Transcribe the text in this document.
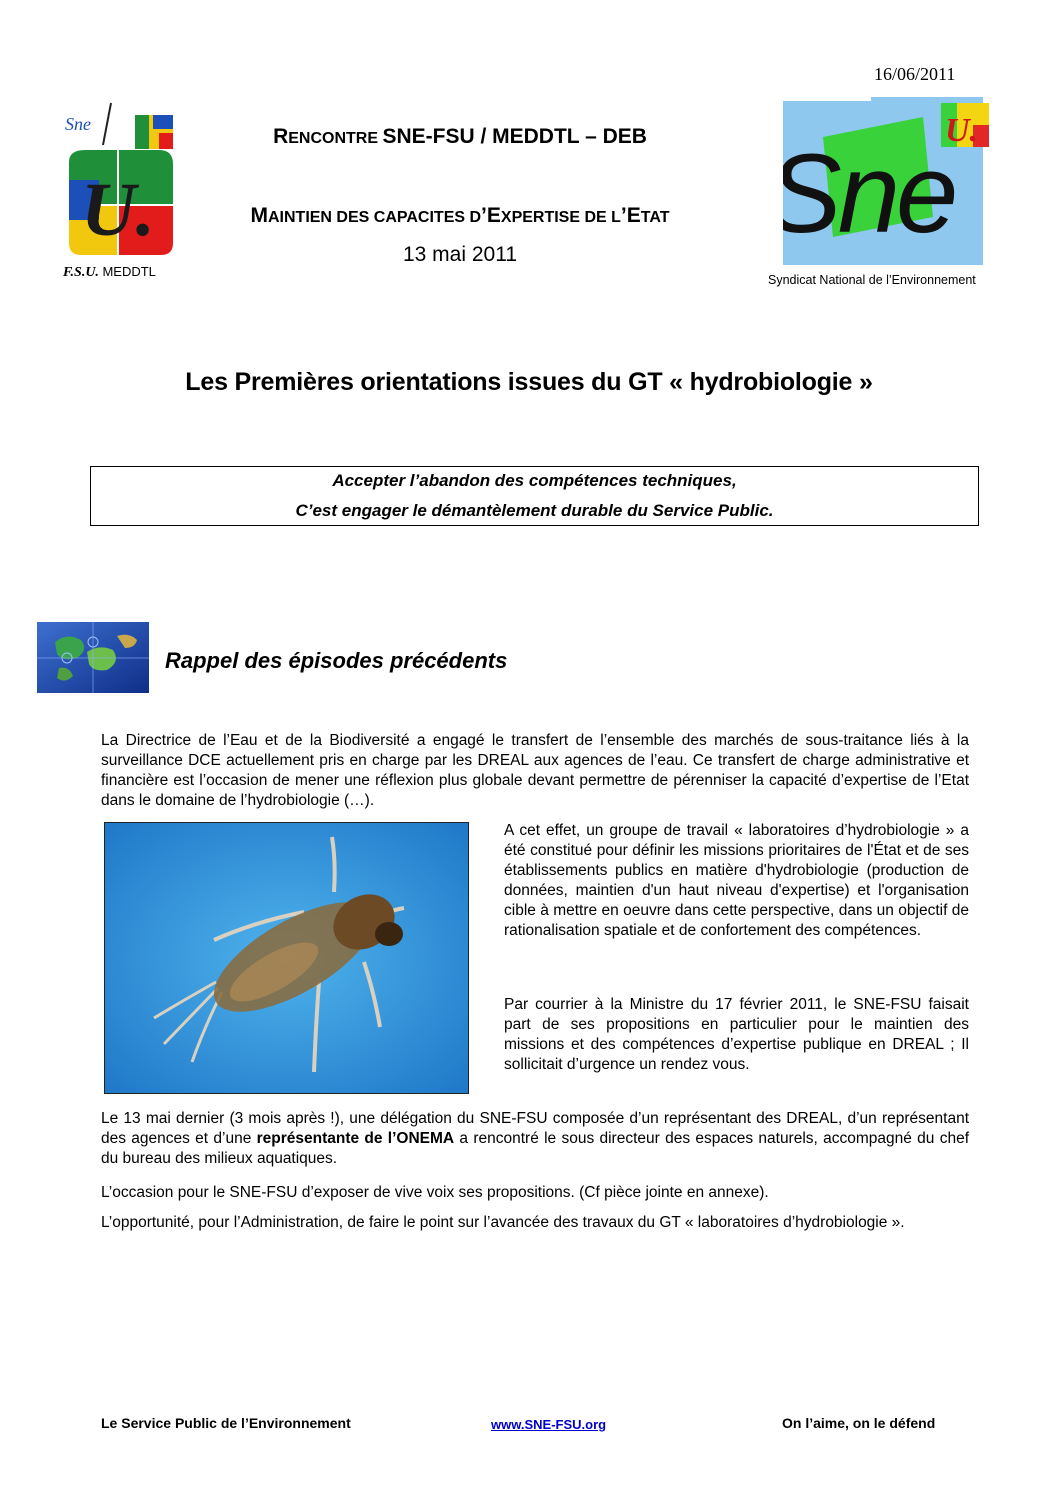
16/06/2011
Sne
U.
F.S.U. MEDDTL
RENCONTRE SNE-FSU / MEDDTL – DEB
MAINTIEN DES CAPACITES D’EXPERTISE DE L’ETAT
13 mai 2011
U.
Sne
Syndicat National de l’Environnement
Les Premières orientations issues du GT « hydrobiologie »
Accepter l’abandon des compétences techniques,
C’est engager le démantèlement durable du Service Public.
Rappel des épisodes précédents
La Directrice de l’Eau et de la Biodiversité a engagé le transfert de l’ensemble des marchés de sous-traitance liés à la surveillance DCE actuellement pris en charge par les DREAL aux agences de l’eau. Ce transfert de charge administrative et financière est l’occasion de mener une réflexion plus globale devant permettre de pérenniser la capacité d’expertise de l’Etat dans le domaine de l’hydrobiologie (…).
A cet effet, un groupe de travail « laboratoires d’hydrobiologie » a été constitué pour définir les missions prioritaires de l'État et de ses établissements publics en matière d'hydrobiologie (production de données, maintien d'un haut niveau d'expertise) et l'organisation cible à mettre en oeuvre dans cette perspective, dans un objectif de rationalisation spatiale et de confortement des compétences.
Par courrier à la Ministre du 17 février 2011, le SNE-FSU faisait part de ses propositions en particulier pour le maintien des missions et des compétences d’expertise publique en DREAL ; Il sollicitait d’urgence un rendez vous.
Le 13 mai dernier (3 mois après !), une délégation du SNE-FSU composée d’un représentant des DREAL, d’un représentant des agences et d’une représentante de l’ONEMA a rencontré le sous directeur des espaces naturels, accompagné du chef du bureau des milieux aquatiques.
L’occasion pour le SNE-FSU d’exposer de vive voix ses propositions. (Cf pièce jointe en annexe).
L’opportunité, pour l’Administration, de faire le point sur l’avancée des travaux du GT « laboratoires d’hydrobiologie ».
Le Service Public de l’Environnement	www.SNE-FSU.org	On l’aime, on le défend
